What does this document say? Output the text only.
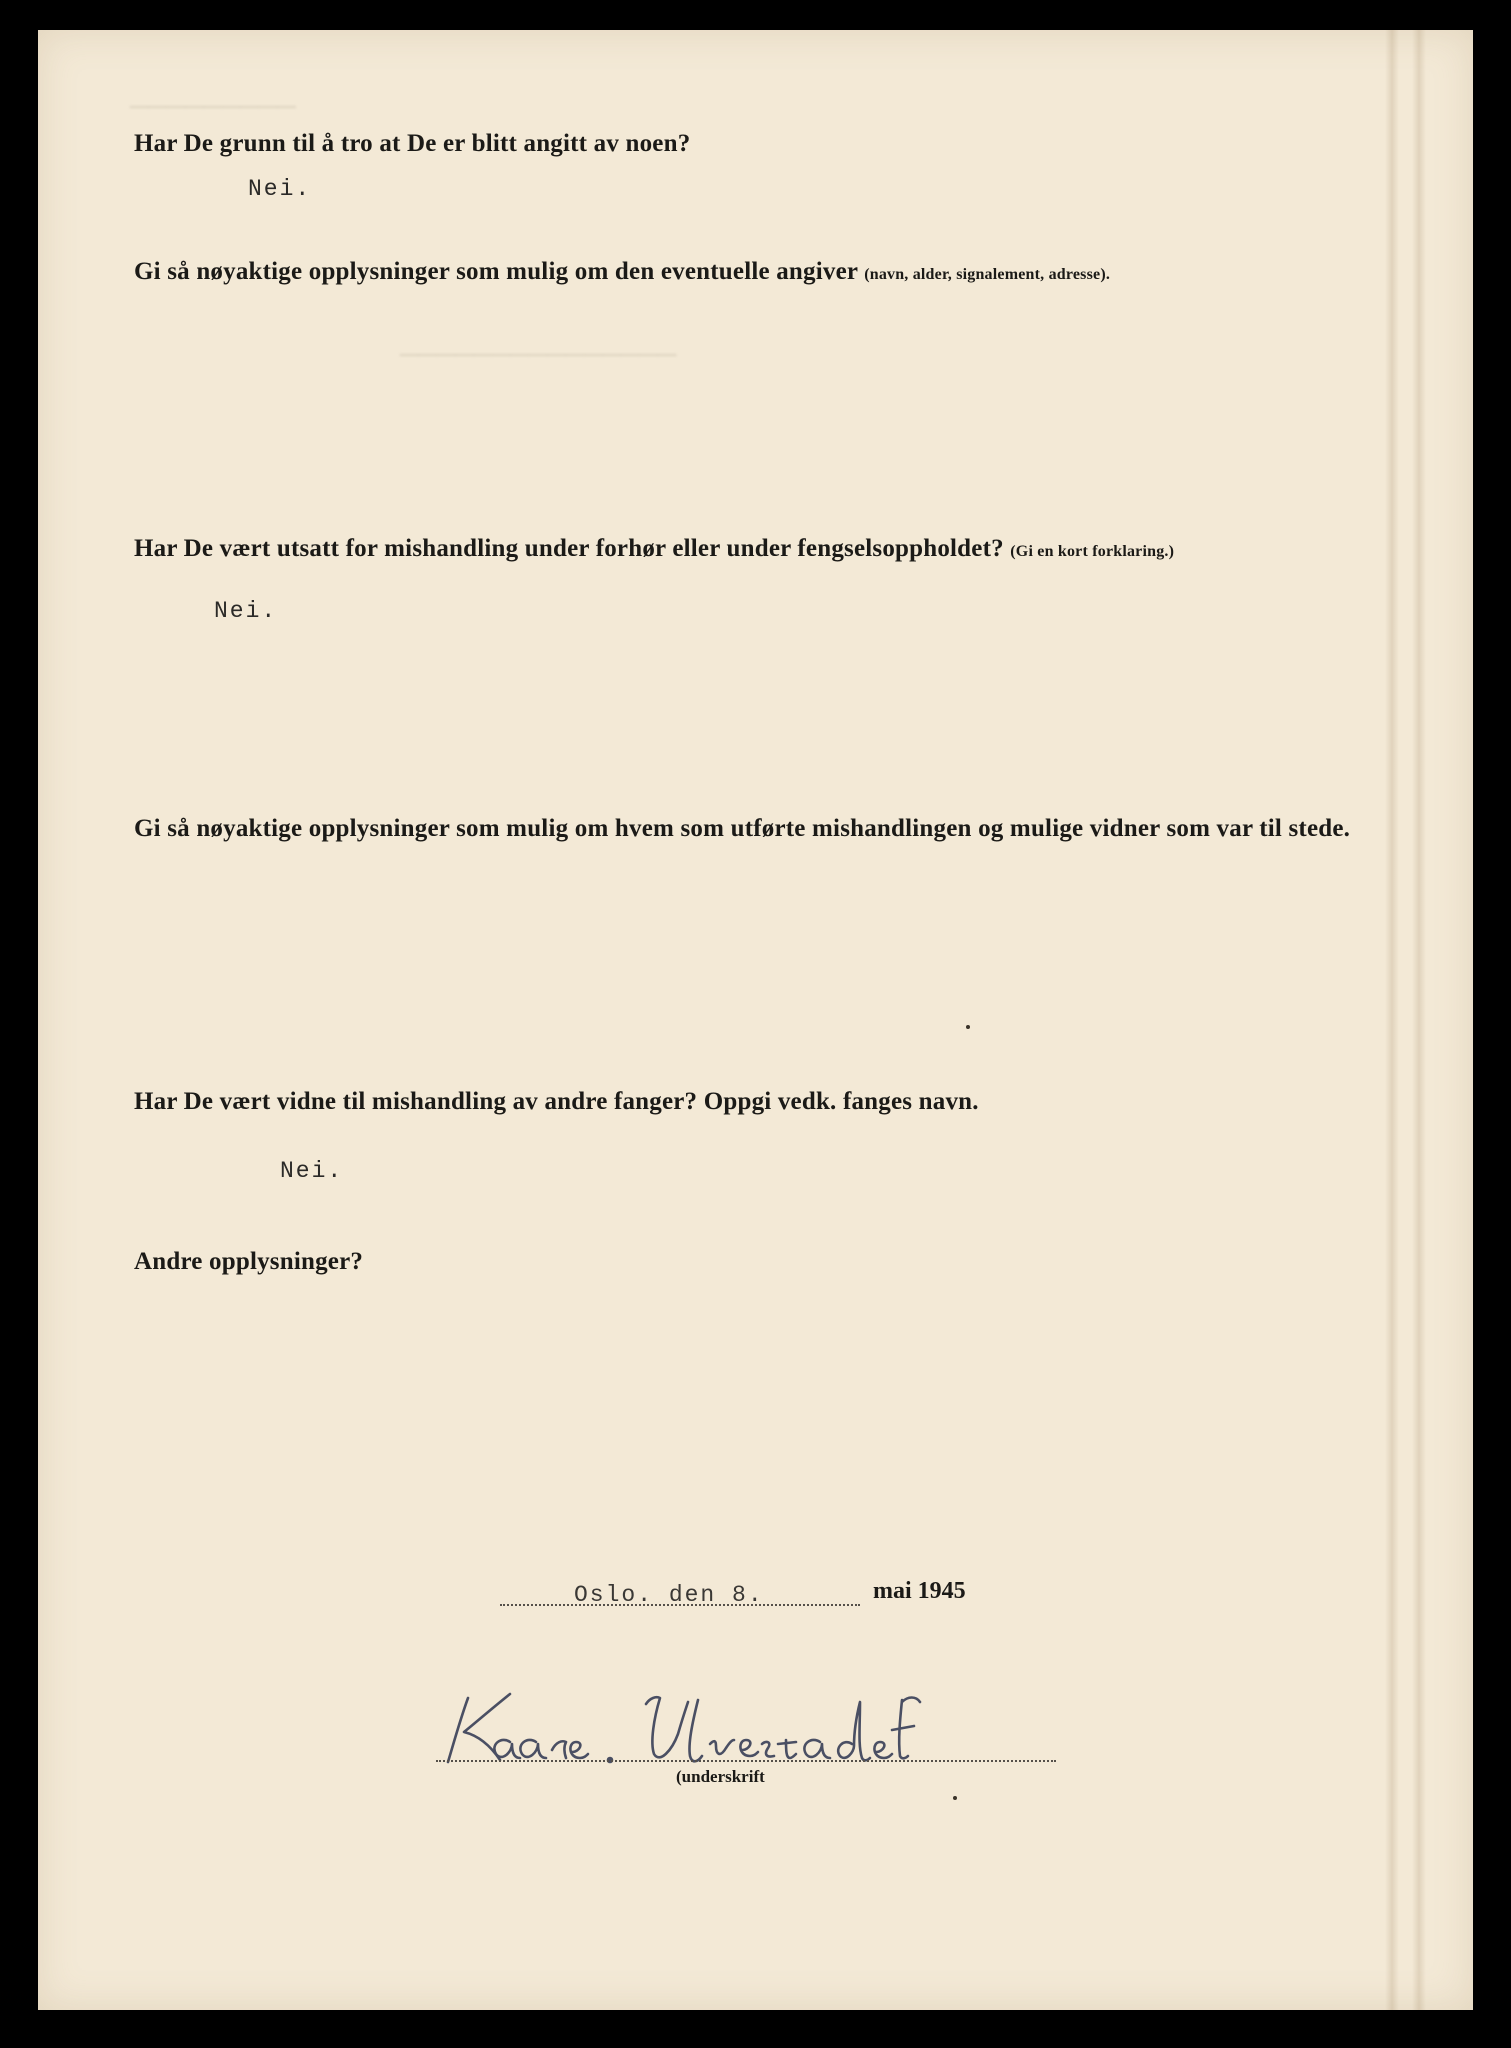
─────────
───────────────
Har De grunn til å tro at De er blitt angitt av noen?
Nei.
Gi så nøyaktige opplysninger som mulig om den eventuelle angiver (navn, alder, signalement, adresse).
Har De vært utsatt for mishandling under forhør eller under fengselsoppholdet? (Gi en kort forklaring.)
Nei.
Gi så nøyaktige opplysninger som mulig om hvem som utførte mishandlingen og mulige vidner som var til stede.
Har De vært vidne til mishandling av andre fanger? Oppgi vedk. fanges navn.
Nei.
Andre opplysninger?
Oslo. den 8.	mai 1945
(underskrift
